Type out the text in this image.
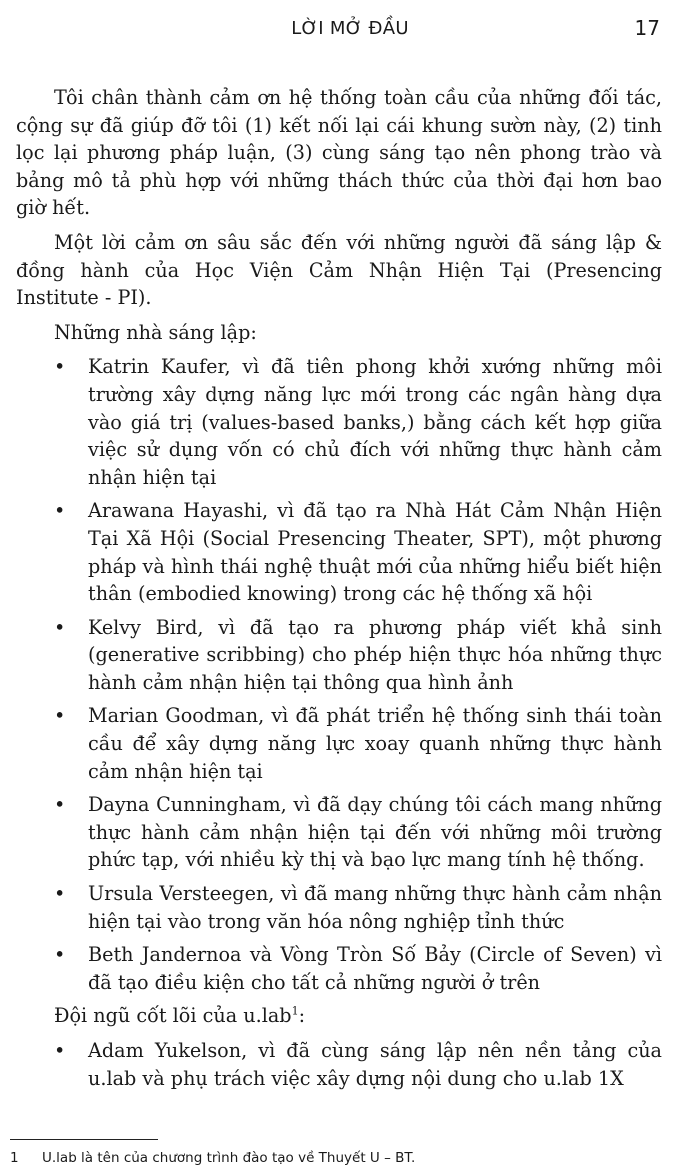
LỜI MỞ ĐẦU	17

Tôi chân thành cảm ơn hệ thống toàn cầu của những đối tác, cộng sự đã giúp đỡ tôi (1) kết nối lại cái khung sườn này, (2) tinh lọc lại phương pháp luận, (3) cùng sáng tạo nên phong trào và bảng mô tả phù hợp với những thách thức của thời đại hơn bao giờ hết.

Một lời cảm ơn sâu sắc đến với những người đã sáng lập & đồng hành của Học Viện Cảm Nhận Hiện Tại (Presencing Institute - PI).

Những nhà sáng lập:

•	Katrin Kaufer, vì đã tiên phong khởi xướng những môi trường xây dựng năng lực mới trong các ngân hàng dựa vào giá trị (values-based banks,) bằng cách kết hợp giữa việc sử dụng vốn có chủ đích với những thực hành cảm nhận hiện tại
•	Arawana Hayashi, vì đã tạo ra Nhà Hát Cảm Nhận Hiện Tại Xã Hội (Social Presencing Theater, SPT), một phương pháp và hình thái nghệ thuật mới của những hiểu biết hiện thân (embodied knowing) trong các hệ thống xã hội
•	Kelvy Bird, vì đã tạo ra phương pháp viết khả sinh (generative scribbing) cho phép hiện thực hóa những thực hành cảm nhận hiện tại thông qua hình ảnh
•	Marian Goodman, vì đã phát triển hệ thống sinh thái toàn cầu để xây dựng năng lực xoay quanh những thực hành cảm nhận hiện tại
•	Dayna Cunningham, vì đã dạy chúng tôi cách mang những thực hành cảm nhận hiện tại đến với những môi trường phức tạp, với nhiều kỳ thị và bạo lực mang tính hệ thống.
•	Ursula Versteegen, vì đã mang những thực hành cảm nhận hiện tại vào trong văn hóa nông nghiệp tỉnh thức
•	Beth Jandernoa và Vòng Tròn Số Bảy (Circle of Seven) vì đã tạo điều kiện cho tất cả những người ở trên

Đội ngũ cốt lõi của u.lab$^1$:

•	Adam Yukelson, vì đã cùng sáng lập nên nền tảng của u.lab và phụ trách việc xây dựng nội dung cho u.lab 1X
1 U.lab là tên của chương trình đào tạo về Thuyết U – BT.
